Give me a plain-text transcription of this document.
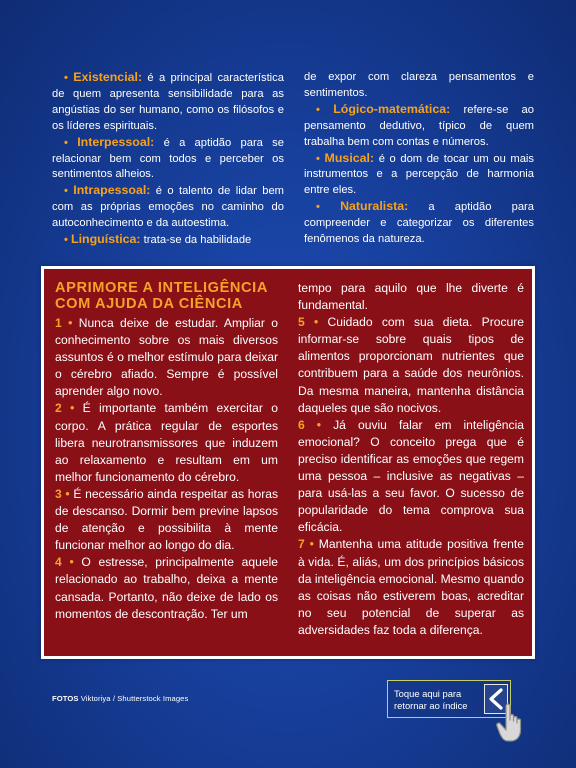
• Existencial: é a principal característica de quem apresenta sensibilidade para as angústias do ser humano, como os filósofos e os líderes espirituais.

• Interpessoal: é a aptidão para se relacionar bem com todos e perceber os sentimentos alheios.

• Intrapessoal: é o talento de lidar bem com as próprias emoções no caminho do autoconhecimento e da autoestima.

• Linguística: trata-se da habilidade

de expor com clareza pensamentos e sentimentos.

• Lógico-matemática: refere-se ao pensamento dedutivo, típico de quem trabalha bem com contas e números.

• Musical: é o dom de tocar um ou mais instrumentos e a percepção de harmonia entre eles.

• Naturalista: a aptidão para compreender e categorizar os diferentes fenômenos da natureza.

APRIMORE A INTELIGÊNCIA
COM AJUDA DA CIÊNCIA

1 • Nunca deixe de estudar. Ampliar o conhecimento sobre os mais diversos assuntos é o melhor estímulo para deixar o cérebro afiado. Sempre é possível aprender algo novo.

2 • É importante também exercitar o corpo. A prática regular de esportes libera neurotransmissores que induzem ao relaxamento e resultam em um melhor funcionamento do cérebro.

3 • É necessário ainda respeitar as horas de descanso. Dormir bem previne lapsos de atenção e possibilita à mente funcionar melhor ao longo do dia.

4 • O estresse, principalmente aquele relacionado ao trabalho, deixa a mente cansada. Portanto, não deixe de lado os momentos de descontração. Ter um

tempo para aquilo que lhe diverte é fundamental.

5 • Cuidado com sua dieta. Procure informar-se sobre quais tipos de alimentos proporcionam nutrientes que contribuem para a saúde dos neurônios. Da mesma maneira, mantenha distância daqueles que são nocivos.

6 • Já ouviu falar em inteligência emocional? O conceito prega que é preciso identificar as emoções que regem uma pessoa – inclusive as negativas – para usá-las a seu favor. O sucesso de popularidade do tema comprova sua eficácia.

7 • Mantenha uma atitude positiva frente à vida. É, aliás, um dos princípios básicos da inteligência emocional. Mesmo quando as coisas não estiverem boas, acreditar no seu potencial de superar as adversidades faz toda a diferença.

FOTOS Viktoriya / Shutterstock Images	Toque aqui para
retornar ao índice
